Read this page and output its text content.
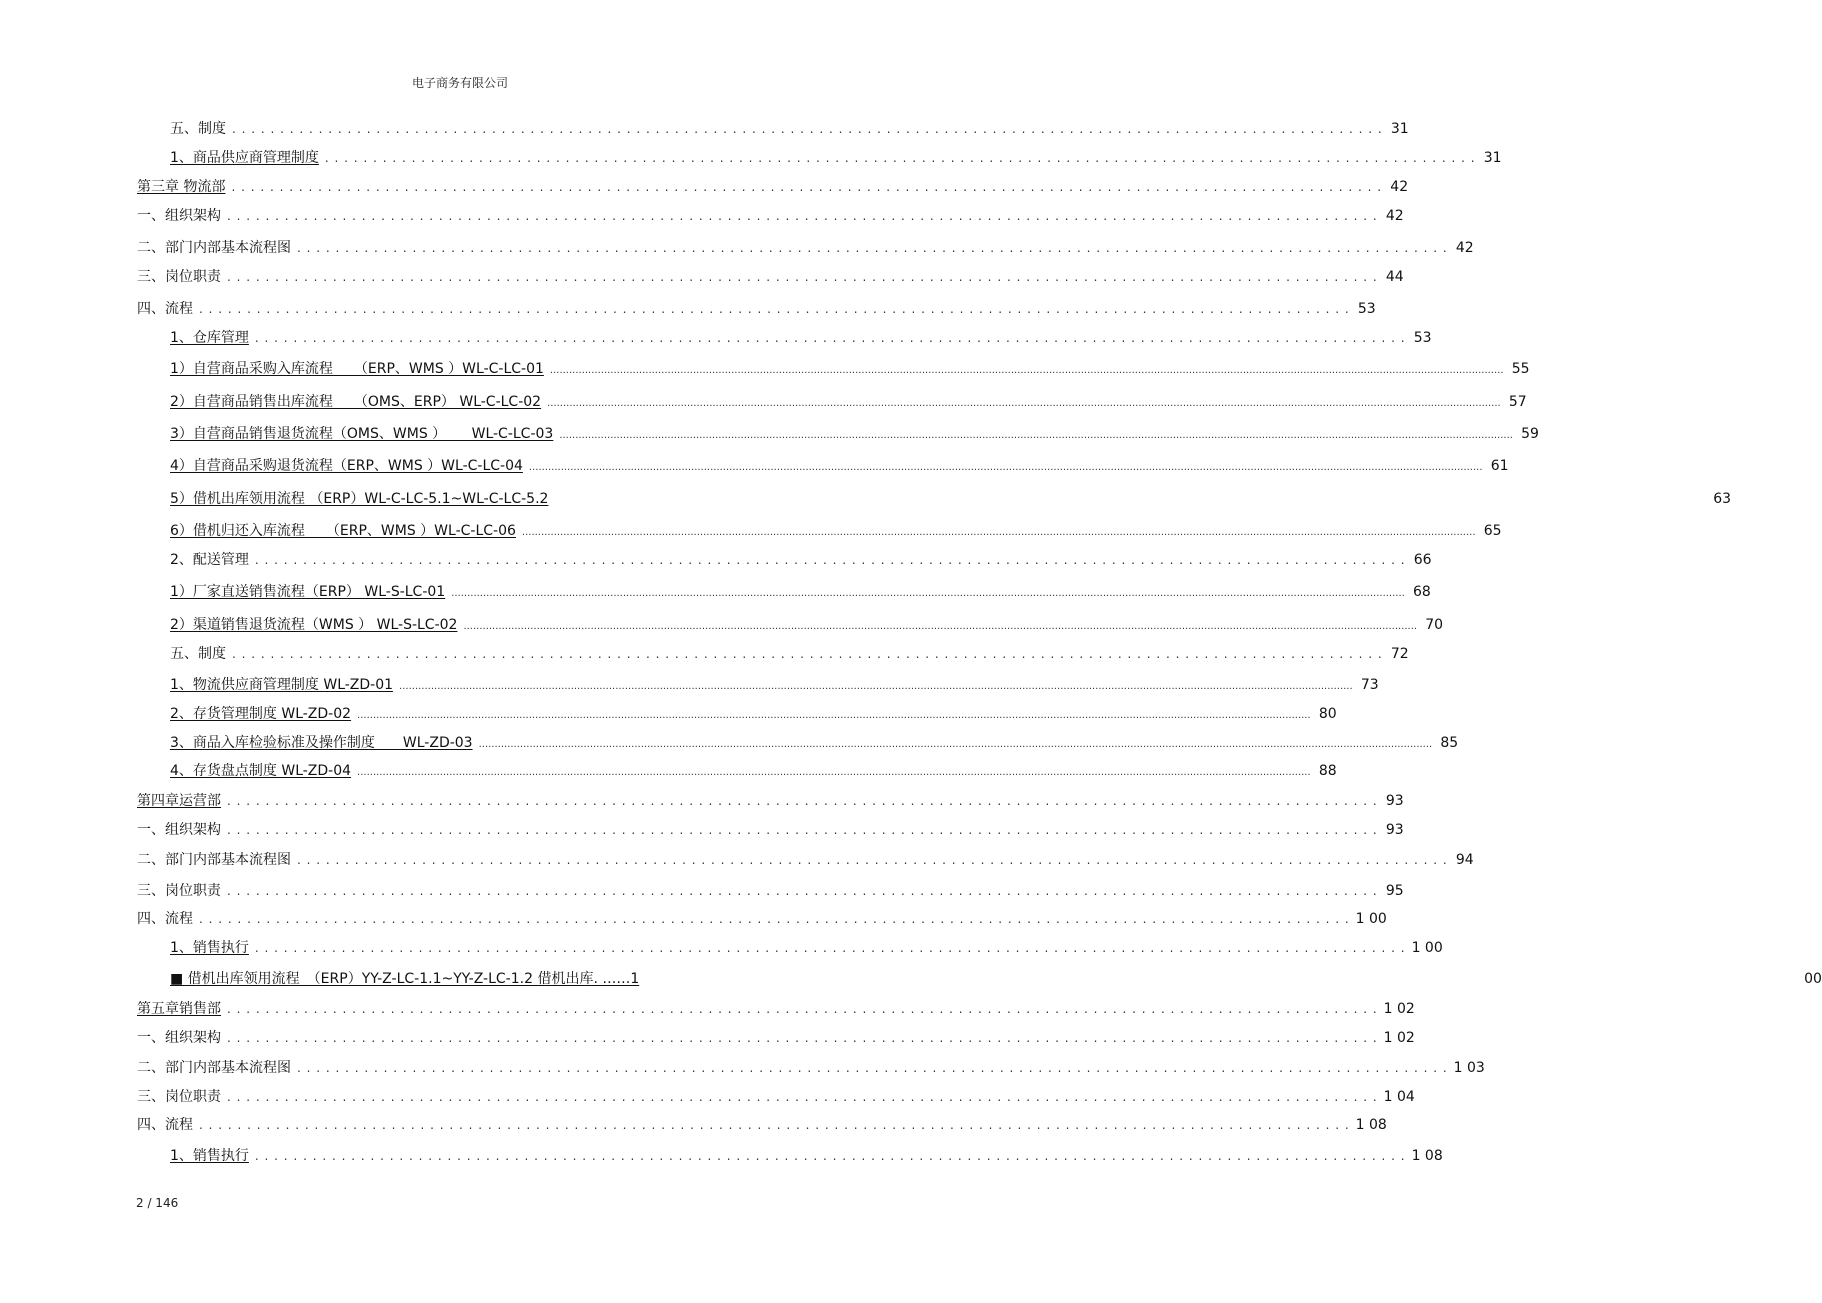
电子商务有限公司
五、制度 . . . . . . . . . . . . . . . . . . . . . . . . . . . . . . . . . . . . . . . . . . . . . . . . . . . . . . . . . . . . . . . . . . . . . . . . . . . . . . . . . . . . . . . . . . . . . . . . . . . . . . . . . . . . . . . . . . . . . . . . 31
1、商品供应商管理制度 . . . . . . . . . . . . . . . . . . . . . . . . . . . . . . . . . . . . . . . . . . . . . . . . . . . . . . . . . . . . . . . . . . . . . . . . . . . . . . . . . . . . . . . . . . . . . . . . . . . . . . . . . . . . . . . . . . . . . . . . 31
第三章 物流部 . . . . . . . . . . . . . . . . . . . . . . . . . . . . . . . . . . . . . . . . . . . . . . . . . . . . . . . . . . . . . . . . . . . . . . . . . . . . . . . . . . . . . . . . . . . . . . . . . . . . . . . . . . . . . . . . . . . . . . . . 42
一、组织架构 . . . . . . . . . . . . . . . . . . . . . . . . . . . . . . . . . . . . . . . . . . . . . . . . . . . . . . . . . . . . . . . . . . . . . . . . . . . . . . . . . . . . . . . . . . . . . . . . . . . . . . . . . . . . . . . . . . . . . . . . 42
二、部门内部基本流程图 . . . . . . . . . . . . . . . . . . . . . . . . . . . . . . . . . . . . . . . . . . . . . . . . . . . . . . . . . . . . . . . . . . . . . . . . . . . . . . . . . . . . . . . . . . . . . . . . . . . . . . . . . . . . . . . . . . . . . . . . 42
三、岗位职责 . . . . . . . . . . . . . . . . . . . . . . . . . . . . . . . . . . . . . . . . . . . . . . . . . . . . . . . . . . . . . . . . . . . . . . . . . . . . . . . . . . . . . . . . . . . . . . . . . . . . . . . . . . . . . . . . . . . . . . . . 44
四、流程 . . . . . . . . . . . . . . . . . . . . . . . . . . . . . . . . . . . . . . . . . . . . . . . . . . . . . . . . . . . . . . . . . . . . . . . . . . . . . . . . . . . . . . . . . . . . . . . . . . . . . . . . . . . . . . . . . . . . . . . . 53
1、仓库管理 . . . . . . . . . . . . . . . . . . . . . . . . . . . . . . . . . . . . . . . . . . . . . . . . . . . . . . . . . . . . . . . . . . . . . . . . . . . . . . . . . . . . . . . . . . . . . . . . . . . . . . . . . . . . . . . . . . . . . . . . 53
1）自营商品采购入库流程　　（ERP、WMS ）WL-C-LC-01 ............................................................................................................................................................................................................................................................................................................ 55
2）自营商品销售出库流程　　（OMS、ERP） WL-C-LC-02 ............................................................................................................................................................................................................................................................................................................ 57
3）自营商品销售退货流程（OMS、WMS ）　　 WL-C-LC-03 ............................................................................................................................................................................................................................................................................................................ 59
4）自营商品采购退货流程（ERP、WMS ）WL-C-LC-04 ............................................................................................................................................................................................................................................................................................................ 61
5）借机出库领用流程 （ERP）WL-C-LC-5.1~WL-C-LC-5.2	63
6）借机归还入库流程　　（ERP、WMS ）WL-C-LC-06 ............................................................................................................................................................................................................................................................................................................ 65
2、配送管理 . . . . . . . . . . . . . . . . . . . . . . . . . . . . . . . . . . . . . . . . . . . . . . . . . . . . . . . . . . . . . . . . . . . . . . . . . . . . . . . . . . . . . . . . . . . . . . . . . . . . . . . . . . . . . . . . . . . . . . . . 66
1）厂家直送销售流程（ERP） WL-S-LC-01 ............................................................................................................................................................................................................................................................................................................ 68
2）渠道销售退货流程（WMS ） WL-S-LC-02 ............................................................................................................................................................................................................................................................................................................ 70
五、制度 . . . . . . . . . . . . . . . . . . . . . . . . . . . . . . . . . . . . . . . . . . . . . . . . . . . . . . . . . . . . . . . . . . . . . . . . . . . . . . . . . . . . . . . . . . . . . . . . . . . . . . . . . . . . . . . . . . . . . . . . 72
1、物流供应商管理制度 WL-ZD-01 ............................................................................................................................................................................................................................................................................................................ 73
2、存货管理制度 WL-ZD-02 ............................................................................................................................................................................................................................................................................................................ 80
3、商品入库检验标准及操作制度　　WL-ZD-03 ............................................................................................................................................................................................................................................................................................................ 85
4、存货盘点制度 WL-ZD-04 ............................................................................................................................................................................................................................................................................................................ 88
第四章运营部 . . . . . . . . . . . . . . . . . . . . . . . . . . . . . . . . . . . . . . . . . . . . . . . . . . . . . . . . . . . . . . . . . . . . . . . . . . . . . . . . . . . . . . . . . . . . . . . . . . . . . . . . . . . . . . . . . . . . . . . . 93
一、组织架构 . . . . . . . . . . . . . . . . . . . . . . . . . . . . . . . . . . . . . . . . . . . . . . . . . . . . . . . . . . . . . . . . . . . . . . . . . . . . . . . . . . . . . . . . . . . . . . . . . . . . . . . . . . . . . . . . . . . . . . . . 93
二、部门内部基本流程图 . . . . . . . . . . . . . . . . . . . . . . . . . . . . . . . . . . . . . . . . . . . . . . . . . . . . . . . . . . . . . . . . . . . . . . . . . . . . . . . . . . . . . . . . . . . . . . . . . . . . . . . . . . . . . . . . . . . . . . . . 94
三、岗位职责 . . . . . . . . . . . . . . . . . . . . . . . . . . . . . . . . . . . . . . . . . . . . . . . . . . . . . . . . . . . . . . . . . . . . . . . . . . . . . . . . . . . . . . . . . . . . . . . . . . . . . . . . . . . . . . . . . . . . . . . . 95
四、流程 . . . . . . . . . . . . . . . . . . . . . . . . . . . . . . . . . . . . . . . . . . . . . . . . . . . . . . . . . . . . . . . . . . . . . . . . . . . . . . . . . . . . . . . . . . . . . . . . . . . . . . . . . . . . . . . . . . . . . . . . 1 00
1、销售执行 . . . . . . . . . . . . . . . . . . . . . . . . . . . . . . . . . . . . . . . . . . . . . . . . . . . . . . . . . . . . . . . . . . . . . . . . . . . . . . . . . . . . . . . . . . . . . . . . . . . . . . . . . . . . . . . . . . . . . . . . 1 00
■ 借机出库领用流程　（ERP）YY-Z-LC-1.1~YY-Z-LC-1.2 借机出库. ……1	00
第五章销售部 . . . . . . . . . . . . . . . . . . . . . . . . . . . . . . . . . . . . . . . . . . . . . . . . . . . . . . . . . . . . . . . . . . . . . . . . . . . . . . . . . . . . . . . . . . . . . . . . . . . . . . . . . . . . . . . . . . . . . . . . 1 02
一、组织架构 . . . . . . . . . . . . . . . . . . . . . . . . . . . . . . . . . . . . . . . . . . . . . . . . . . . . . . . . . . . . . . . . . . . . . . . . . . . . . . . . . . . . . . . . . . . . . . . . . . . . . . . . . . . . . . . . . . . . . . . . 1 02
二、部门内部基本流程图 . . . . . . . . . . . . . . . . . . . . . . . . . . . . . . . . . . . . . . . . . . . . . . . . . . . . . . . . . . . . . . . . . . . . . . . . . . . . . . . . . . . . . . . . . . . . . . . . . . . . . . . . . . . . . . . . . . . . . . . . 1 03
三、岗位职责 . . . . . . . . . . . . . . . . . . . . . . . . . . . . . . . . . . . . . . . . . . . . . . . . . . . . . . . . . . . . . . . . . . . . . . . . . . . . . . . . . . . . . . . . . . . . . . . . . . . . . . . . . . . . . . . . . . . . . . . . 1 04
四、流程 . . . . . . . . . . . . . . . . . . . . . . . . . . . . . . . . . . . . . . . . . . . . . . . . . . . . . . . . . . . . . . . . . . . . . . . . . . . . . . . . . . . . . . . . . . . . . . . . . . . . . . . . . . . . . . . . . . . . . . . . 1 08
1、销售执行 . . . . . . . . . . . . . . . . . . . . . . . . . . . . . . . . . . . . . . . . . . . . . . . . . . . . . . . . . . . . . . . . . . . . . . . . . . . . . . . . . . . . . . . . . . . . . . . . . . . . . . . . . . . . . . . . . . . . . . . . 1 08
2 / 146
